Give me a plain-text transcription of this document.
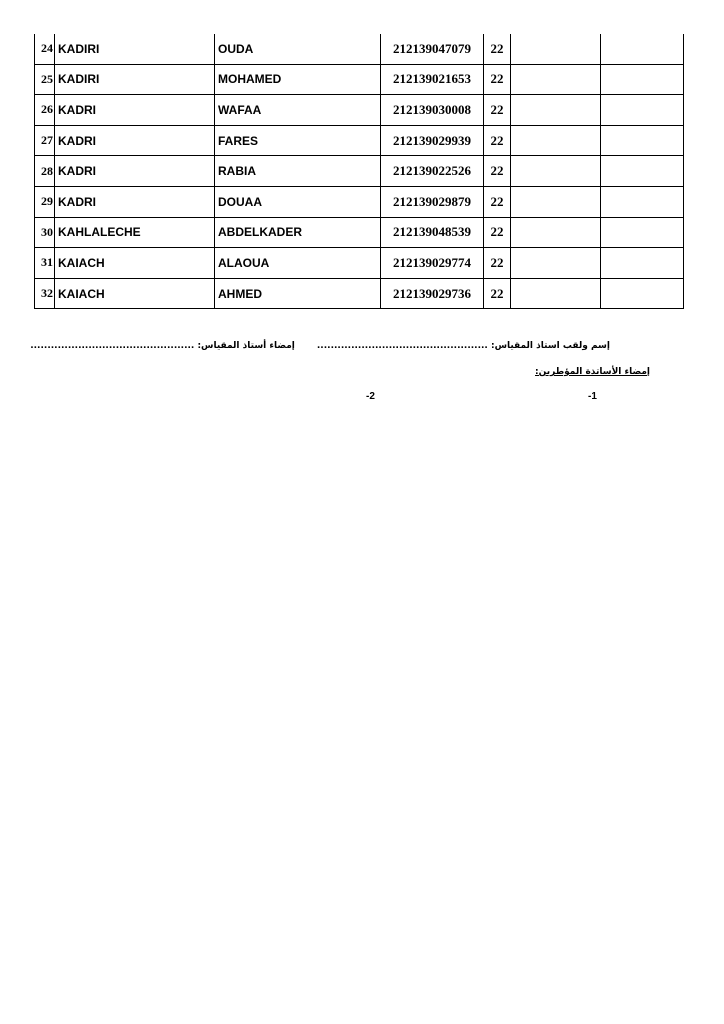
24	KADIRI	OUDA	212139047079	22		
25	KADIRI	MOHAMED	212139021653	22		
26	KADRI	WAFAA	212139030008	22		
27	KADRI	FARES	212139029939	22		
28	KADRI	RABIA	212139022526	22		
29	KADRI	DOUAA	212139029879	22		
30	KAHLALECHE	ABDELKADER	212139048539	22		
31	KAIACH	ALAOUA	212139029774	22		
32	KAIACH	AHMED	212139029736	22		
إسم ولقب استاذ المقياس: ..................................................إمضاء أستاذ المقياس: ................................................
إمضاء الأساتذة المؤطرين:
1-
2-
